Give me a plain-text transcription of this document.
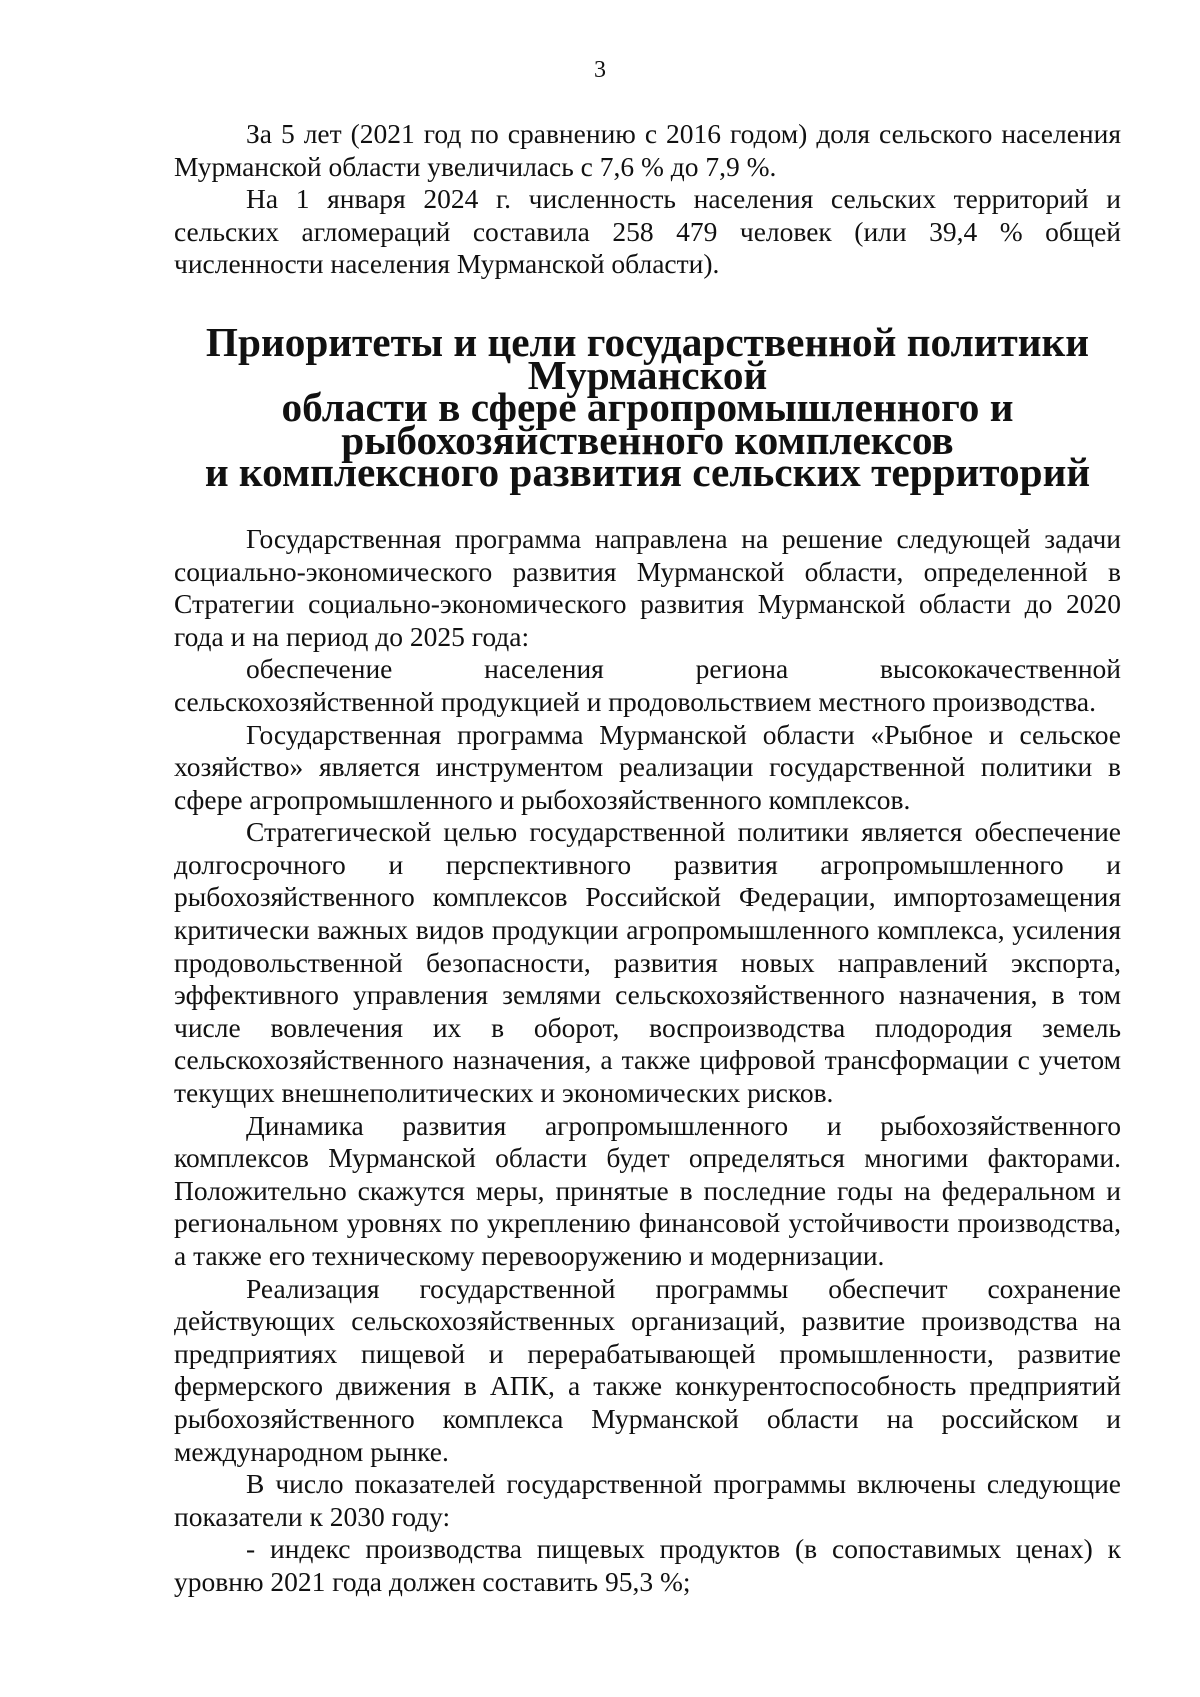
3

За 5 лет (2021 год по сравнению с 2016 годом) доля сельского населения Мурманской области увеличилась с 7,6 % до 7,9 %.

На 1 января 2024 г. численность населения сельских территорий и сельских агломераций составила 258 479 человек (или 39,4 % общей численности населения Мурманской области).

Приоритеты и цели государственной политики Мурманской
области в сфере агропромышленного и рыбохозяйственного комплексов
и комплексного развития сельских территорий

Государственная программа направлена на решение следующей задачи социально-экономического развития Мурманской области, определенной в Стратегии социально-экономического развития Мурманской области до 2020 года и на период до 2025 года:

обеспечение населения региона высококачественной сельскохозяйственной продукцией и продовольствием местного производства.

Государственная программа Мурманской области «Рыбное и сельское хозяйство» является инструментом реализации государственной политики в сфере агропромышленного и рыбохозяйственного комплексов.

Стратегической целью государственной политики является обеспечение долгосрочного и перспективного развития агропромышленного и рыбохозяйственного комплексов Российской Федерации, импортозамещения критически важных видов продукции агропромышленного комплекса, усиления продовольственной безопасности, развития новых направлений экспорта, эффективного управления землями сельскохозяйственного назначения, в том числе вовлечения их в оборот, воспроизводства плодородия земель сельскохозяйственного назначения, а также цифровой трансформации с учетом текущих внешнеполитических и экономических рисков.

Динамика развития агропромышленного и рыбохозяйственного комплексов Мурманской области будет определяться многими факторами. Положительно скажутся меры, принятые в последние годы на федеральном и региональном уровнях по укреплению финансовой устойчивости производства, а также его техническому перевооружению и модернизации.

Реализация государственной программы обеспечит сохранение действующих сельскохозяйственных организаций, развитие производства на предприятиях пищевой и перерабатывающей промышленности, развитие фермерского движения в АПК, а также конкурентоспособность предприятий рыбохозяйственного комплекса Мурманской области на российском и международном рынке.

В число показателей государственной программы включены следующие показатели к 2030 году:

- индекс производства пищевых продуктов (в сопоставимых ценах) к уровню 2021 года должен составить 95,3 %;
